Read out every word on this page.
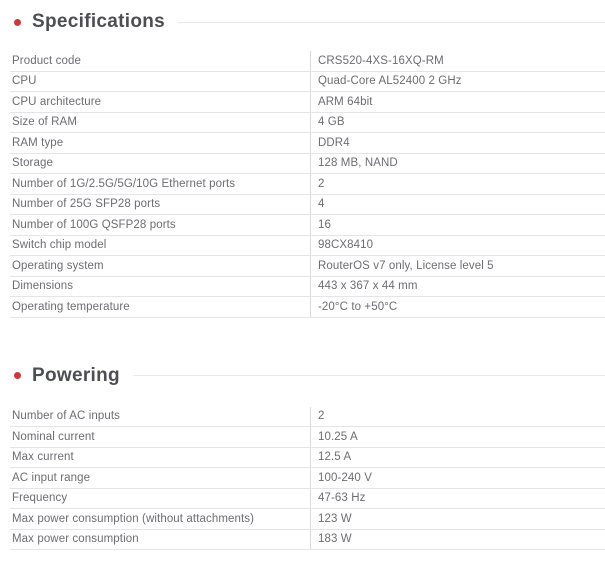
Specifications
Product code	CRS520-4XS-16XQ-RM
CPU	Quad-Core AL52400 2 GHz
CPU architecture	ARM 64bit
Size of RAM	4 GB
RAM type	DDR4
Storage	128 MB, NAND
Number of 1G/2.5G/5G/10G Ethernet ports	2
Number of 25G SFP28 ports	4
Number of 100G QSFP28 ports	16
Switch chip model	98CX8410
Operating system	RouterOS v7 only, License level 5
Dimensions	443 x 367 x 44 mm
Operating temperature	-20°C to +50°C
Powering
Number of AC inputs	2
Nominal current	10.25 A
Max current	12.5 A
AC input range	100-240 V
Frequency	47-63 Hz
Max power consumption (without attachments)	123 W
Max power consumption	183 W
